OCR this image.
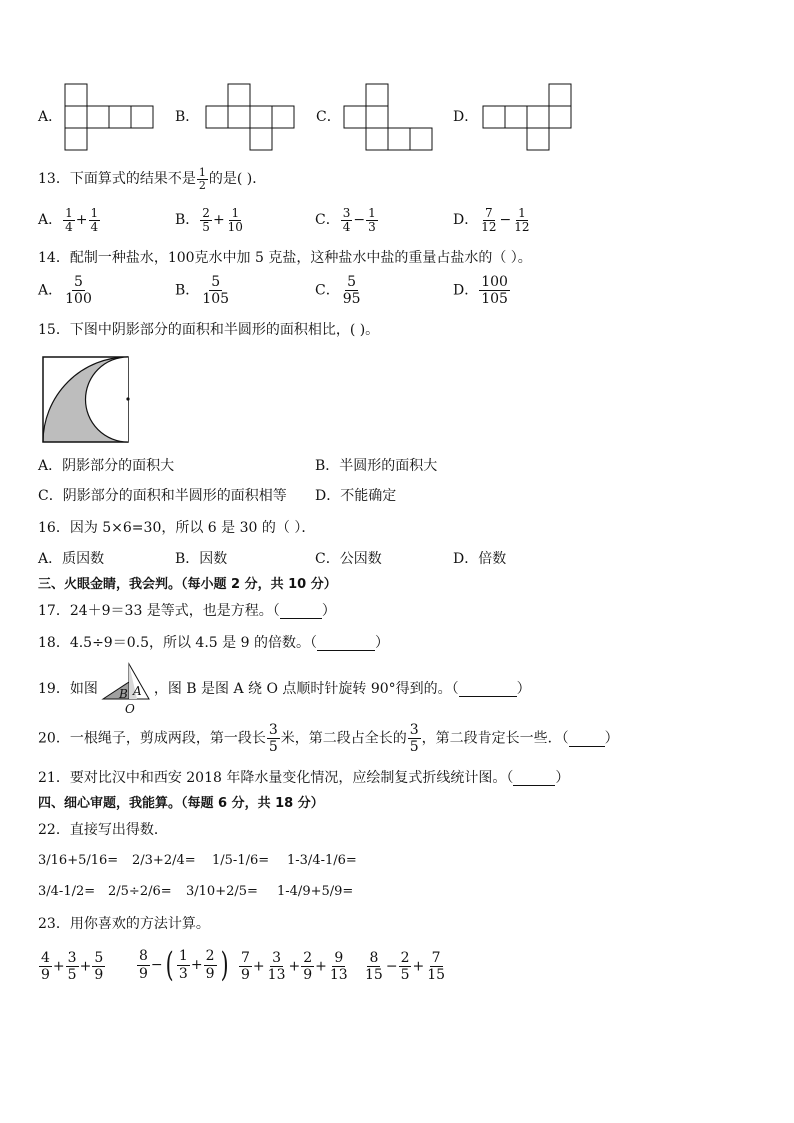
A．	B．	C．	D．
13．下面算式的结果不是 $\frac{1}{2}$ 的是( )．
A． $\frac{1}{4} + \frac{1}{4}$	B． $\frac{2}{5} + \frac{1}{10}$	C． $\frac{3}{4} - \frac{1}{3}$	D． $\frac{7}{12} - \frac{1}{12}$
14．配制一种盐水，100克水中加 5 克盐，这种盐水中盐的重量占盐水的（ ）。
A． $\frac{5}{100}$	B． $\frac{5}{105}$	C． $\frac{5}{95}$	D． $\frac{100}{105}$
15．下图中阴影部分的面积和半圆形的面积相比，( )。
A．阴影部分的面积大	B．半圆形的面积大
C．阴影部分的面积和半圆形的面积相等 D．不能确定
16．因为 5×6=30，所以 6 是 30 的（ ）．
A．质因数	B．因数	C．公因数	D．倍数
三、火眼金睛，我会判。（每小题 2 分，共 10 分）
17．24＋9＝33 是等式，也是方程。（	）
18．4.5÷9＝0.5，所以 4.5 是 9 的倍数。（	）
19．如图	，图 B 是图 A 绕 O 点顺时针旋转 90°得到的。（	）
A
B
O
20．一根绳子，剪成两段，第一段长 $\frac{3}{5}$ 米，第二段占全长的 $\frac{3}{5}$ ，第二段肯定长一些．（	）
21．要对比汉中和西安 2018 年降水量变化情况，应绘制复式折线统计图。（	）
四、细心审题，我能算。（每题 6 分，共 18 分）
22．直接写出得数．
3/16+5/16= 2/3+2/4= 1/5-1/6= 1-3/4-1/6=
3/4-1/2= 2/5÷2/6= 3/10+2/5= 1-4/9+5/9=
23．用你喜欢的方法计算。
$\frac{4}{9} + \frac{3}{5} + \frac{5}{9} \frac{8}{9}$ −( $\frac{1}{3} + \frac{2}{9}$ ) $\frac{7}{9} + \frac{3}{13} + \frac{2}{9} + \frac{9}{13} \frac{8}{15} - \frac{2}{5} + \frac{7}{15}$
